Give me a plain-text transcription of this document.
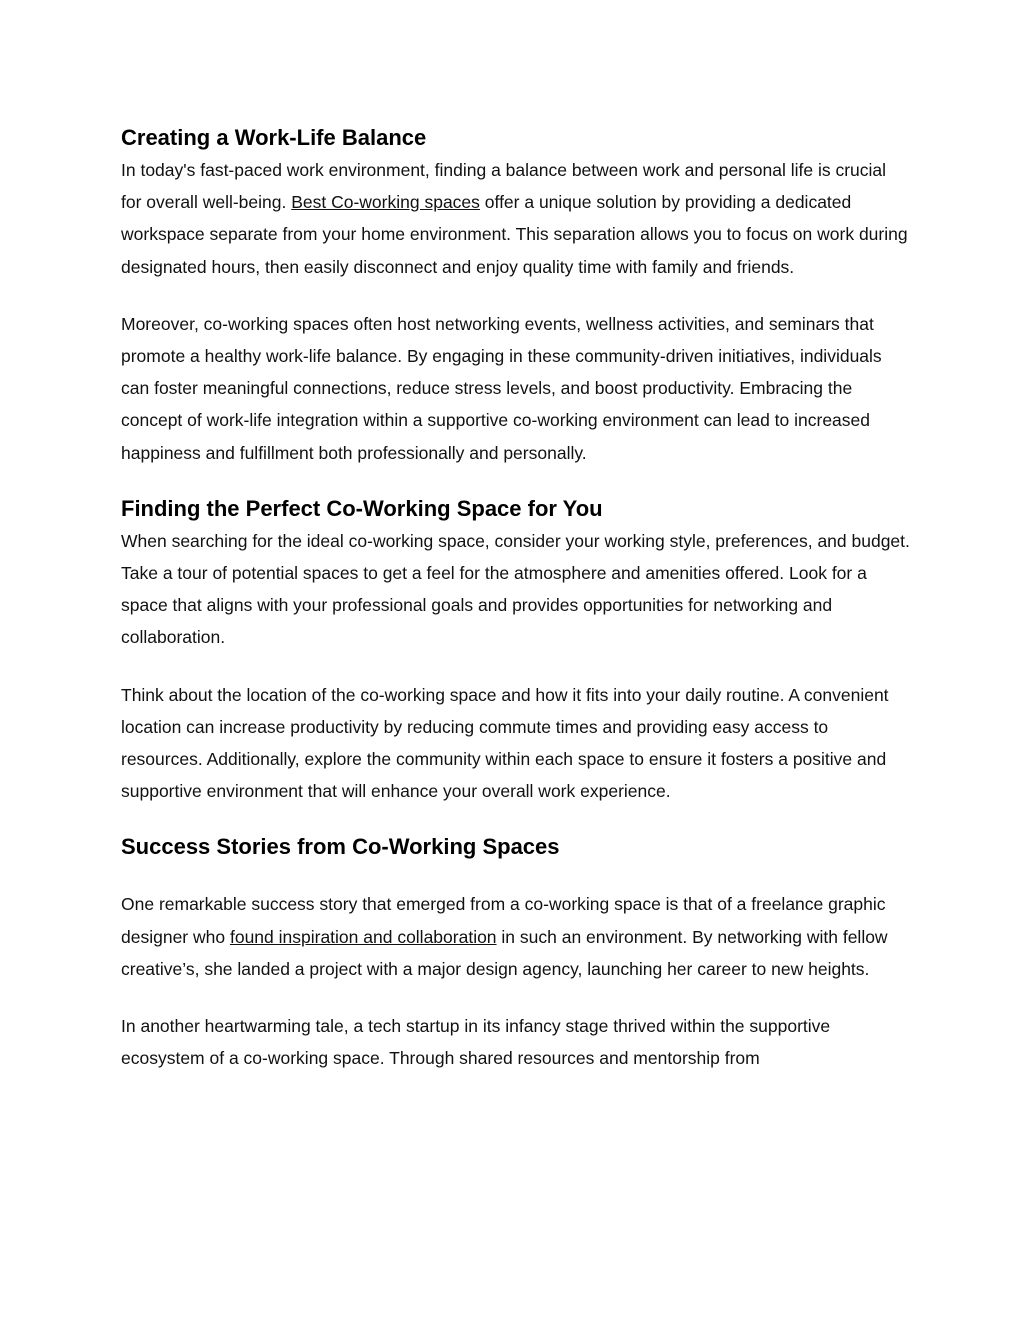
Creating a Work-Life Balance

In today's fast-paced work environment, finding a balance between work and personal life is crucial for overall well-being. Best Co-working spaces offer a unique solution by providing a dedicated workspace separate from your home environment. This separation allows you to focus on work during designated hours, then easily disconnect and enjoy quality time with family and friends.

Moreover, co-working spaces often host networking events, wellness activities, and seminars that promote a healthy work-life balance. By engaging in these community-driven initiatives, individuals can foster meaningful connections, reduce stress levels, and boost productivity. Embracing the concept of work-life integration within a supportive co-working environment can lead to increased happiness and fulfillment both professionally and personally.

Finding the Perfect Co-Working Space for You

When searching for the ideal co-working space, consider your working style, preferences, and budget. Take a tour of potential spaces to get a feel for the atmosphere and amenities offered. Look for a space that aligns with your professional goals and provides opportunities for networking and collaboration.

Think about the location of the co-working space and how it fits into your daily routine. A convenient location can increase productivity by reducing commute times and providing easy access to resources. Additionally, explore the community within each space to ensure it fosters a positive and supportive environment that will enhance your overall work experience.

Success Stories from Co-Working Spaces

One remarkable success story that emerged from a co-working space is that of a freelance graphic designer who found inspiration and collaboration in such an environment. By networking with fellow creative’s, she landed a project with a major design agency, launching her career to new heights.

In another heartwarming tale, a tech startup in its infancy stage thrived within the supportive ecosystem of a co-working space. Through shared resources and mentorship from
